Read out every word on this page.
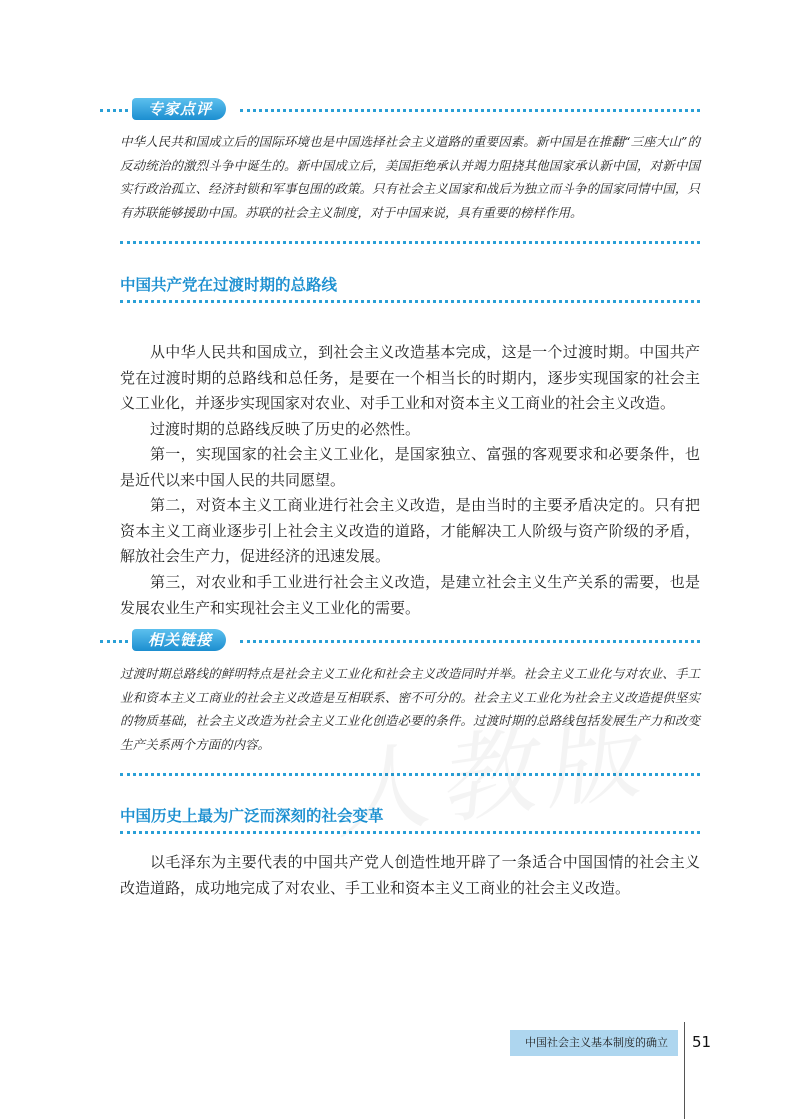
专家点评
中华人民共和国成立后的国际环境也是中国选择社会主义道路的重要因素。新中国是在推翻“三座大山”的反动统治的激烈斗争中诞生的。新中国成立后，美国拒绝承认并竭力阻挠其他国家承认新中国，对新中国实行政治孤立、经济封锁和军事包围的政策。只有社会主义国家和战后为独立而斗争的国家同情中国，只有苏联能够援助中国。苏联的社会主义制度，对于中国来说，具有重要的榜样作用。
中国共产党在过渡时期的总路线

从中华人民共和国成立，到社会主义改造基本完成，这是一个过渡时期。中国共产党在过渡时期的总路线和总任务，是要在一个相当长的时期内，逐步实现国家的社会主义工业化，并逐步实现国家对农业、对手工业和对资本主义工商业的社会主义改造。

过渡时期的总路线反映了历史的必然性。

第一，实现国家的社会主义工业化，是国家独立、富强的客观要求和必要条件，也是近代以来中国人民的共同愿望。

第二，对资本主义工商业进行社会主义改造，是由当时的主要矛盾决定的。只有把资本主义工商业逐步引上社会主义改造的道路，才能解决工人阶级与资产阶级的矛盾，解放社会生产力，促进经济的迅速发展。

第三，对农业和手工业进行社会主义改造，是建立社会主义生产关系的需要，也是发展农业生产和实现社会主义工业化的需要。

相关链接
过渡时期总路线的鲜明特点是社会主义工业化和社会主义改造同时并举。社会主义工业化与对农业、手工业和资本主义工商业的社会主义改造是互相联系、密不可分的。社会主义工业化为社会主义改造提供坚实的物质基础，社会主义改造为社会主义工业化创造必要的条件。过渡时期的总路线包括发展生产力和改变生产关系两个方面的内容。
中国历史上最为广泛而深刻的社会变革

以毛泽东为主要代表的中国共产党人创造性地开辟了一条适合中国国情的社会主义改造道路，成功地完成了对农业、手工业和资本主义工商业的社会主义改造。

中国社会主义基本制度的确立	51
